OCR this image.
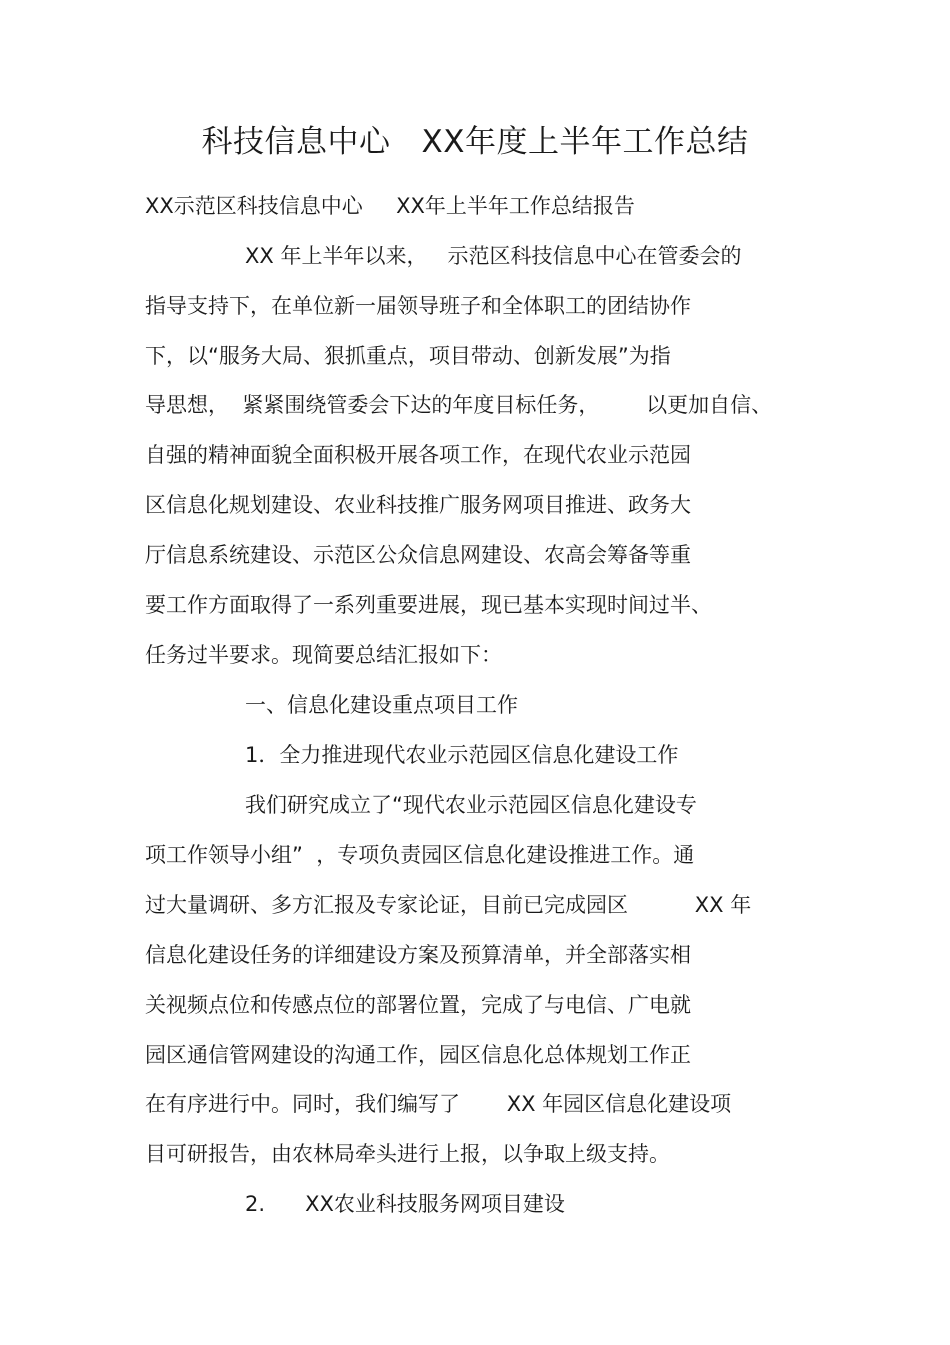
科技信息中心   XX年度上半年工作总结
XX示范区科技信息中心     XX年上半年工作总结报告
XX 年上半年以来，   示范区科技信息中心在管委会的
指导支持下，在单位新一届领导班子和全体职工的团结协作
下，以“服务大局、狠抓重点，项目带动、创新发展”为指
导思想，  紧紧围绕管委会下达的年度目标任务，       以更加自信、
自强的精神面貌全面积极开展各项工作，在现代农业示范园
区信息化规划建设、农业科技推广服务网项目推进、政务大
厅信息系统建设、示范区公众信息网建设、农高会筹备等重
要工作方面取得了一系列重要进展，现已基本实现时间过半、
任务过半要求。现简要总结汇报如下：
一、信息化建设重点项目工作
1．全力推进现代农业示范园区信息化建设工作
我们研究成立了“现代农业示范园区信息化建设专
项工作领导小组”  ，专项负责园区信息化建设推进工作。通
过大量调研、多方汇报及专家论证，目前已完成园区          XX 年
信息化建设任务的详细建设方案及预算清单，并全部落实相
关视频点位和传感点位的部署位置，完成了与电信、广电就
园区通信管网建设的沟通工作，园区信息化总体规划工作正
在有序进行中。同时，我们编写了       XX 年园区信息化建设项
目可研报告，由农林局牵头进行上报，以争取上级支持。
2.      XX农业科技服务网项目建设
